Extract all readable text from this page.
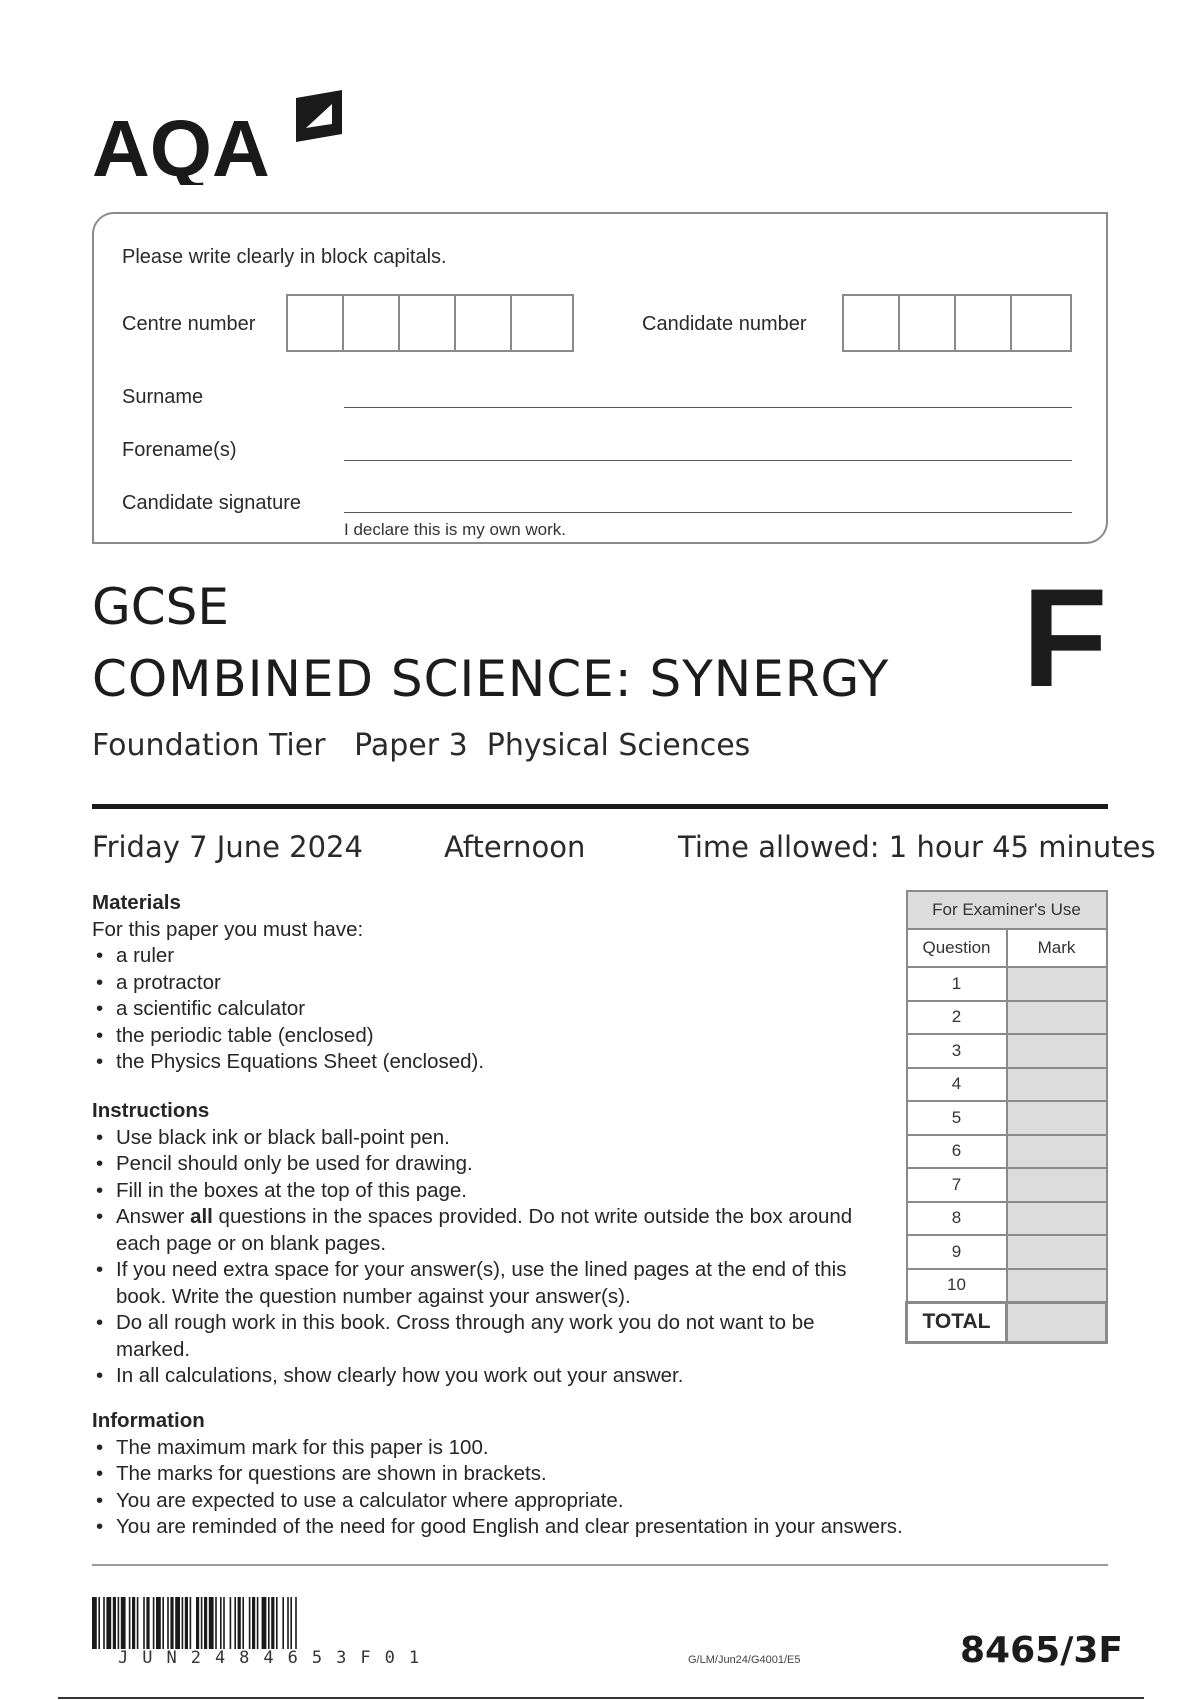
AQA
Please write clearly in block capitals.
Centre number	Candidate number
Surname
Forename(s)
Candidate signature
I declare this is my own work.
GCSE
COMBINED SCIENCE: SYNERGY
Foundation Tier   Paper 3  Physical Sciences
F
Friday 7 June 2024	Afternoon	Time allowed: 1 hour 45 minutes
Materials

For this paper you must have:

• a ruler
• a protractor
• a scientific calculator
• the periodic table (enclosed)
• the Physics Equations Sheet (enclosed).
Instructions
• Use black ink or black ball-point pen.
• Pencil should only be used for drawing.
• Fill in the boxes at the top of this page.
• Answer all questions in the spaces provided. Do not write outside the box around each page or on blank pages.
• If you need extra space for your answer(s), use the lined pages at the end of this book. Write the question number against your answer(s).
• Do all rough work in this book. Cross through any work you do not want to be marked.
• In all calculations, show clearly how you work out your answer.
Information
• The maximum mark for this paper is 100.
• The marks for questions are shown in brackets.
• You are expected to use a calculator where appropriate.
• You are reminded of the need for good English and clear presentation in your answers.
For Examiner's Use	
Question	Mark
1	
2	
3	
4	
5	
6	
7	
8	
9	
10	
TOTAL	
JUN2484653F01	G/LM/Jun24/G4001/E5	8465/3F
